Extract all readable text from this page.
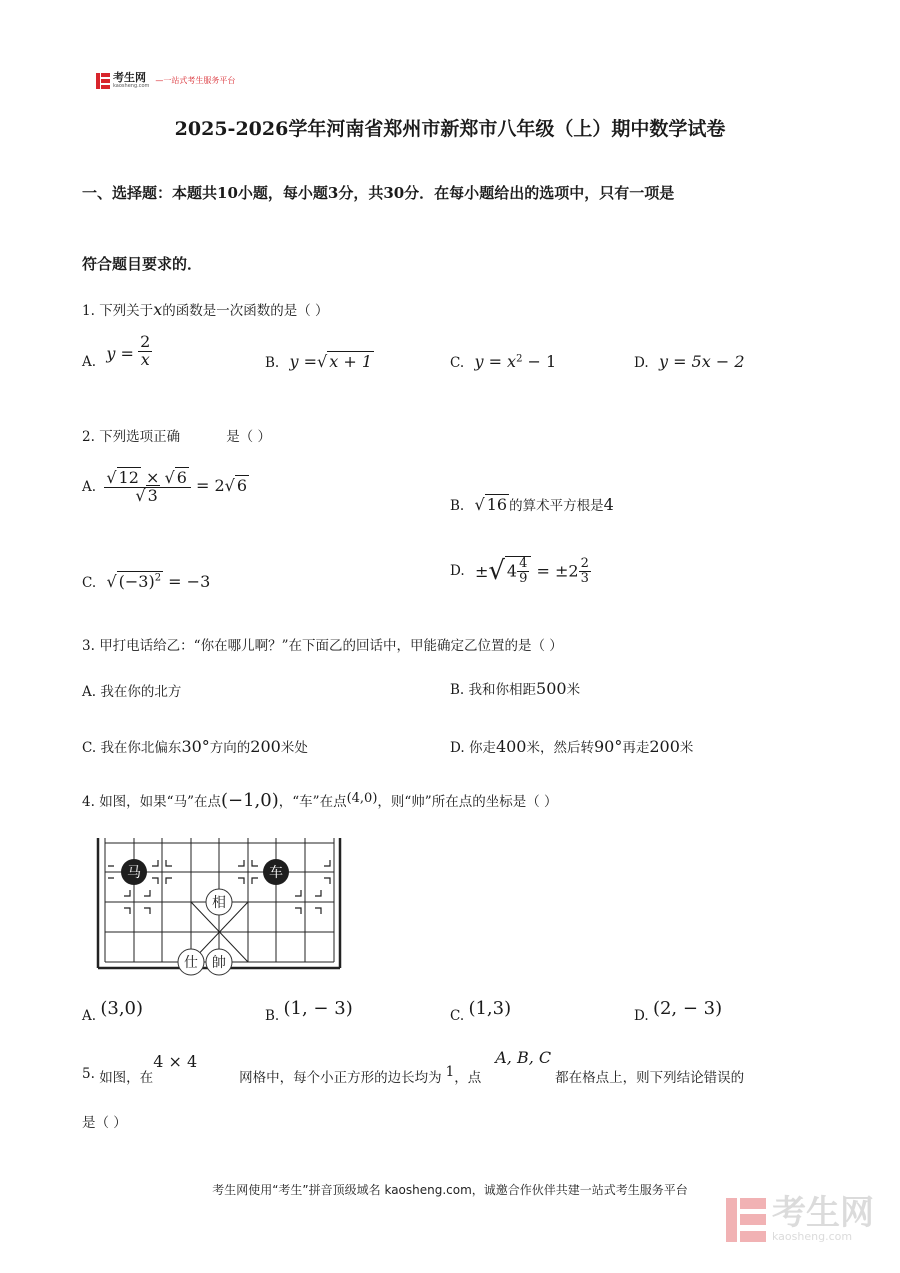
考生网
kaosheng.com
—一站式考生服务平台
2025-2026学年河南省郑州市新郑市八年级（上）期中数学试卷
一、选择题：本题共10小题，每小题3分，共30分．在每小题给出的选项中，只有一项是
符合题目要求的．
1. 下列关于x的函数是一次函数的是（ ）
A. $y = \frac{2}{x}$	B. y =√ x + 1	C. $y = x^2 - 1$	D. y = 5x − 2
2. 下列选项正确	是（ ）
A. $\frac{√ 12 \times √ 6}{√ 3} = 2√$ 6
B. √ 16 的算术平方根是4
C. √ $(-3)^2 = -3$
D. ±√ $4 \frac{4}{9} = \pm 2 \frac{2}{3}$
3. 甲打电话给乙：“你在哪儿啊？”在下面乙的回话中，甲能确定乙位置的是（ ）
A. 我在你的北方	B. 我和你相距500米
C. 我在你北偏东30°方向的200米处	D. 你走400米，然后转90°再走200米
4. 如图，如果“马”在点(−1,0)，“车”在点(4,0)，则“帅”所在点的坐标是（ ）
马	车
相
仕 帥
A. (3,0)	B. (1, − 3)	C. (1,3)	D. (2, − 3)
5. 如图，在4 × 4网格中，每个小正方形的边长均为 1，点A, B, C都在格点上，则下列结论错误的
是（ ）
考生网使用“考生”拼音顶级域名 kaosheng.com，诚邀合作伙伴共建一站式考生服务平台
考生网
kaosheng.com
